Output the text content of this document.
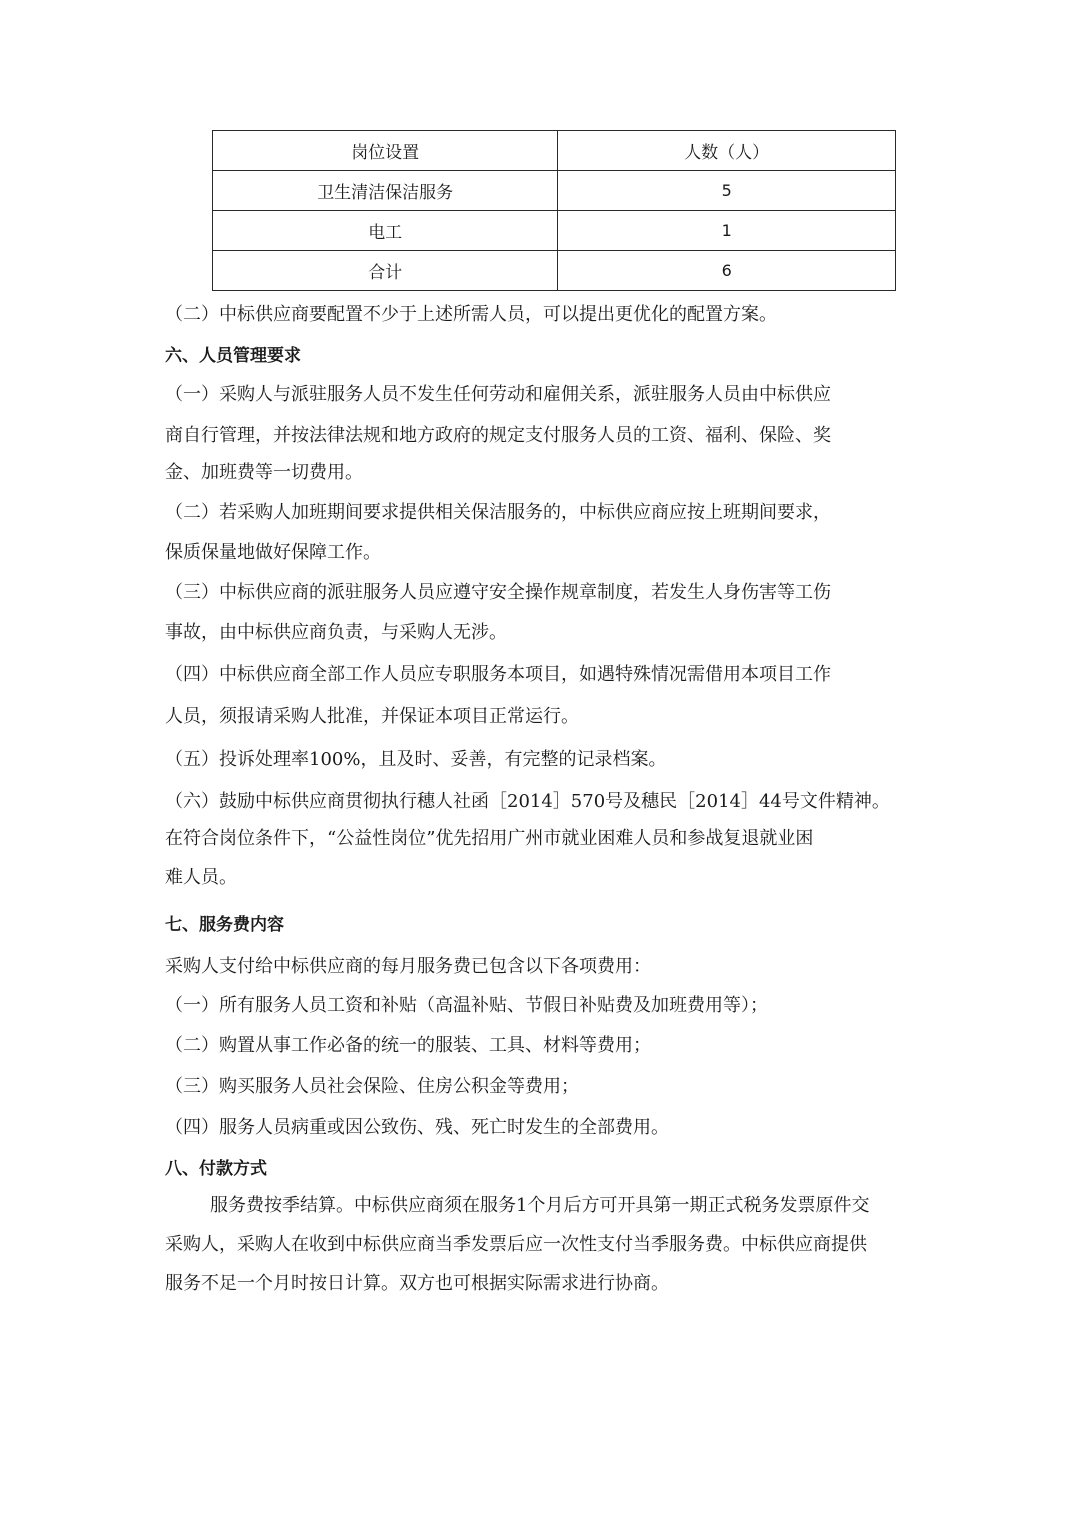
岗位设置	人数（人）
卫生清洁保洁服务	5
电工	1
合计	6
（二）中标供应商要配置不少于上述所需人员，可以提出更优化的配置方案。
六、人员管理要求
（一）采购人与派驻服务人员不发生任何劳动和雇佣关系，派驻服务人员由中标供应
商自行管理，并按法律法规和地方政府的规定支付服务人员的工资、福利、保险、奖
金、加班费等一切费用。
（二）若采购人加班期间要求提供相关保洁服务的，中标供应商应按上班期间要求，
保质保量地做好保障工作。
（三）中标供应商的派驻服务人员应遵守安全操作规章制度，若发生人身伤害等工伤
事故，由中标供应商负责，与采购人无涉。
（四）中标供应商全部工作人员应专职服务本项目，如遇特殊情况需借用本项目工作
人员，须报请采购人批准，并保证本项目正常运行。
（五）投诉处理率100%，且及时、妥善，有完整的记录档案。
（六）鼓励中标供应商贯彻执行穗人社函［2014］570号及穗民［2014］44号文件精神。
在符合岗位条件下，“公益性岗位”优先招用广州市就业困难人员和参战复退就业困
难人员。
七、服务费内容
采购人支付给中标供应商的每月服务费已包含以下各项费用：
（一）所有服务人员工资和补贴（高温补贴、节假日补贴费及加班费用等）；
（二）购置从事工作必备的统一的服装、工具、材料等费用；
（三）购买服务人员社会保险、住房公积金等费用；
（四）服务人员病重或因公致伤、残、死亡时发生的全部费用。
八、付款方式
服务费按季结算。中标供应商须在服务1个月后方可开具第一期正式税务发票原件交
采购人，采购人在收到中标供应商当季发票后应一次性支付当季服务费。中标供应商提供
服务不足一个月时按日计算。双方也可根据实际需求进行协商。
